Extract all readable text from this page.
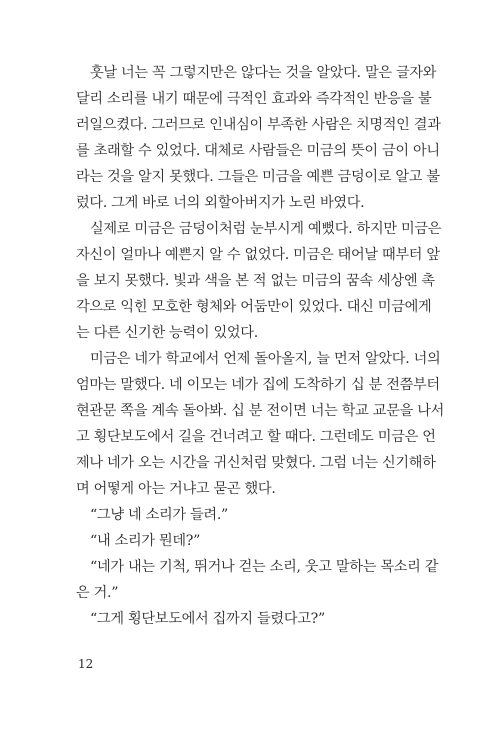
훗날 너는 꼭 그렇지만은 않다는 것을 알았다. 말은 글자와
달리 소리를 내기 때문에 극적인 효과와 즉각적인 반응을 불
러일으켰다. 그러므로 인내심이 부족한 사람은 치명적인 결과
를 초래할 수 있었다. 대체로 사람들은 미금의 뜻이 금이 아니
라는 것을 알지 못했다. 그들은 미금을 예쁜 금덩이로 알고 불
렀다. 그게 바로 너의 외할아버지가 노린 바였다.
실제로 미금은 금덩이처럼 눈부시게 예뻤다. 하지만 미금은
자신이 얼마나 예쁜지 알 수 없었다. 미금은 태어날 때부터 앞
을 보지 못했다. 빛과 색을 본 적 없는 미금의 꿈속 세상엔 촉
각으로 익힌 모호한 형체와 어둠만이 있었다. 대신 미금에게
는 다른 신기한 능력이 있었다.
미금은 네가 학교에서 언제 돌아올지, 늘 먼저 알았다. 너의
엄마는 말했다. 네 이모는 네가 집에 도착하기 십 분 전쯤부터
현관문 쪽을 계속 돌아봐. 십 분 전이면 너는 학교 교문을 나서
고 횡단보도에서 길을 건너려고 할 때다. 그런데도 미금은 언
제나 네가 오는 시간을 귀신처럼 맞혔다. 그럼 너는 신기해하
며 어떻게 아는 거냐고 묻곤 했다.
“그냥 네 소리가 들려.”
“내 소리가 뭔데?”
“네가 내는 기척, 뛰거나 걷는 소리, 웃고 말하는 목소리 같
은 거.”
“그게 횡단보도에서 집까지 들렸다고?”
12
